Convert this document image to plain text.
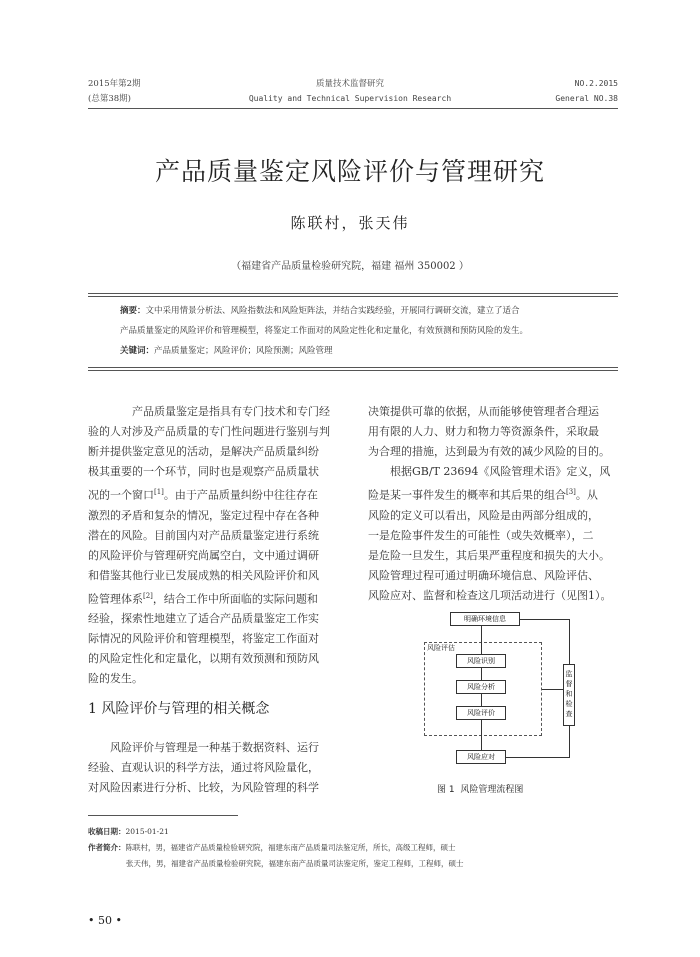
2015年第2期
(总第38期)
质量技术监督研究
Quality and Technical Supervision Research
NO.2.2015
General NO.38
产品质量鉴定风险评价与管理研究
陈联村，张天伟
（福建省产品质量检验研究院，福建 福州 350002 ）

摘要：文中采用情景分析法、风险指数法和风险矩阵法，并结合实践经验，开展同行调研交流，建立了适合

产品质量鉴定的风险评价和管理模型，将鉴定工作面对的风险定性化和定量化，有效预测和预防风险的发生。

关键词：产品质量鉴定；风险评价；风险预测；风险管理

产品质量鉴定是指具有专门技术和专门经
验的人对涉及产品质量的专门性问题进行鉴别与判
断并提供鉴定意见的活动，是解决产品质量纠纷
极其重要的一个环节，同时也是观察产品质量状
况的一个窗口[1]。由于产品质量纠纷中往往存在
激烈的矛盾和复杂的情况，鉴定过程中存在各种
潜在的风险。目前国内对产品质量鉴定进行系统
的风险评价与管理研究尚属空白，文中通过调研
和借鉴其他行业已发展成熟的相关风险评价和风
险管理体系[2]，结合工作中所面临的实际问题和
经验，探索性地建立了适合产品质量鉴定工作实
际情况的风险评价和管理模型，将鉴定工作面对
的风险定性化和定量化，以期有效预测和预防风
险的发生。

1 风险评价与管理的相关概念
风险评价与管理是一种基于数据资料、运行
经验、直观认识的科学方法，通过将风险量化，
对风险因素进行分析、比较，为风险管理的科学
决策提供可靠的依据，从而能够使管理者合理运
用有限的人力、财力和物力等资源条件，采取最
为合理的措施，达到最为有效的减少风险的目的。
根据GB/T 23694《风险管理术语》定义，风
险是某一事件发生的概率和其后果的组合[3]。从
风险的定义可以看出，风险是由两部分组成的，
一是危险事件发生的可能性（或失效概率），二
是危险一旦发生，其后果严重程度和损失的大小。
风险管理过程可通过明确环境信息、风险评估、
风险应对、监督和检查这几项活动进行（见图1）。
明确环境信息
风险评估
风险识别
风险分析
风险评价
风险应对
监督和检查
图 1 风险管理流程图
收稿日期：2015-01-21
作者简介：陈联村，男，福建省产品质量检验研究院，福建东南产品质量司法鉴定所，所长，高级工程师，硕士
张天伟，男，福建省产品质量检验研究院，福建东南产品质量司法鉴定所，鉴定工程师，工程师，硕士
• 50 •
